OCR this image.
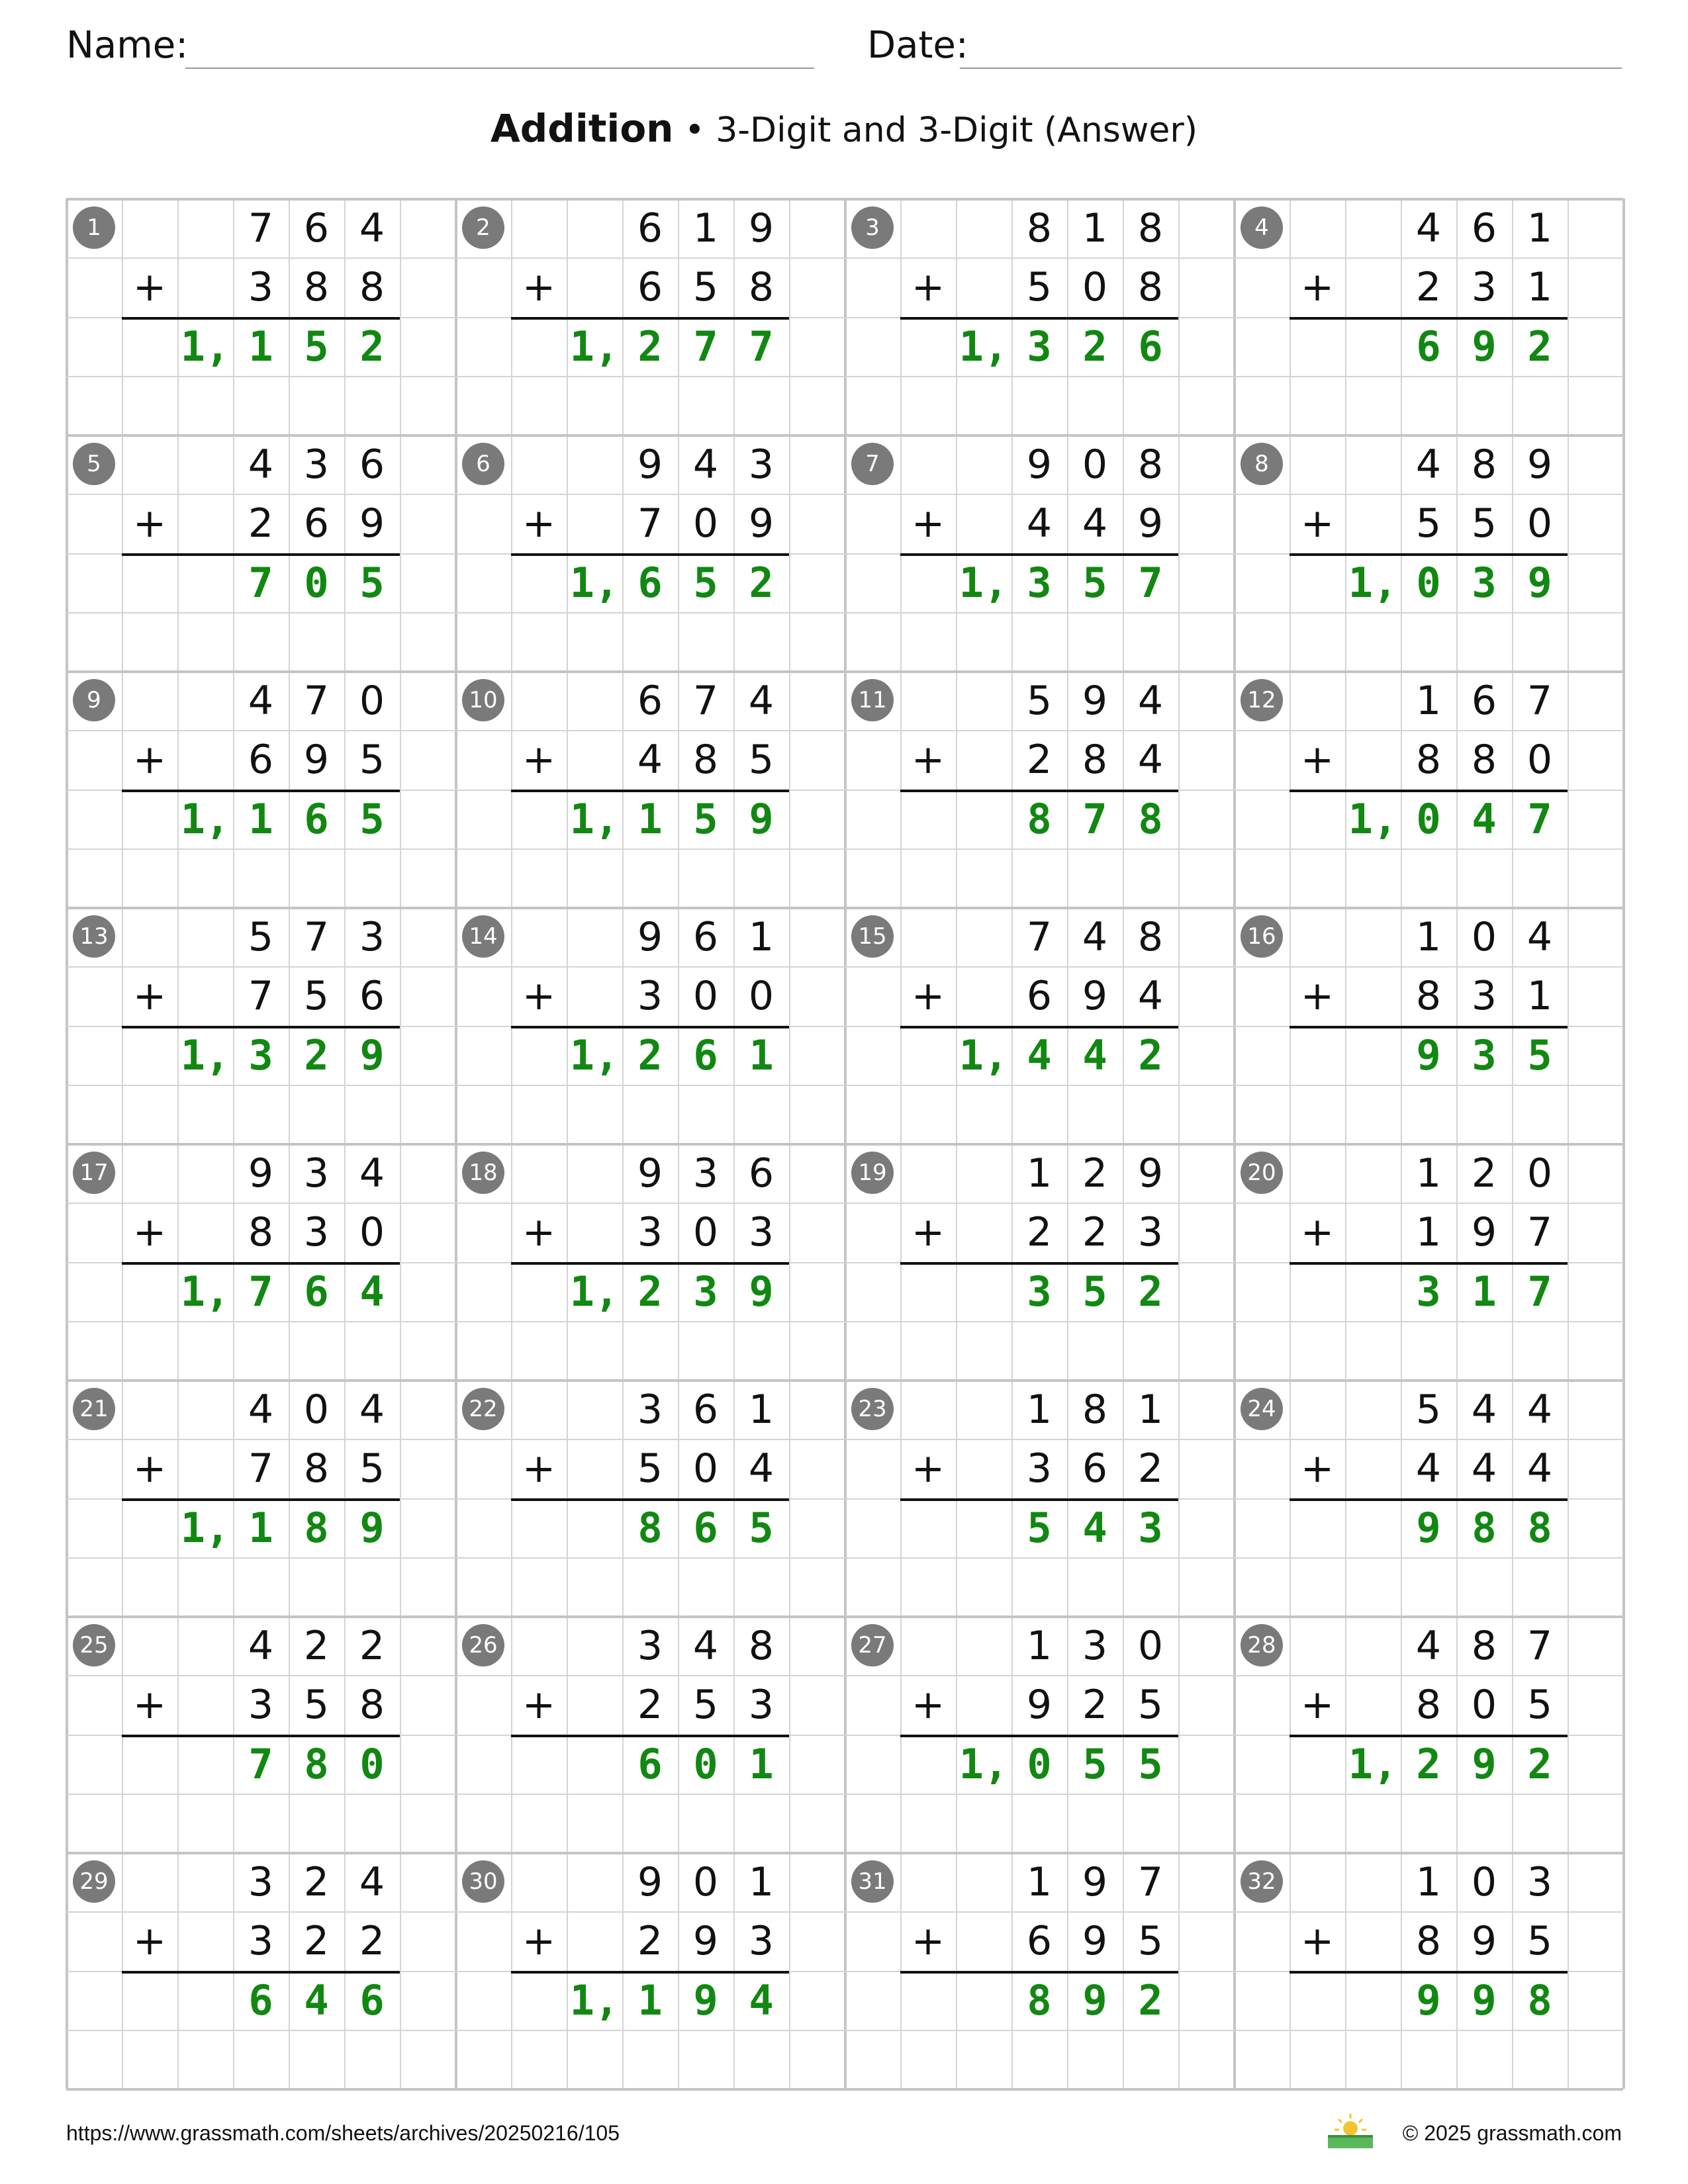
Name:	Date:
Addition • 3-Digit and 3-Digit (Answer)
1	7 6 4
+	3 8 8
1, 1 5 2
2	6 1 9
+	6 5 8
1, 2 7 7
3	8 1 8
+	5 0 8
1, 3 2 6
4	4 6 1
+	2 3 1
6 9 2
5	4 3 6
+	2 6 9
7 0 5
6	9 4 3
+	7 0 9
1, 6 5 2
7	9 0 8
+	4 4 9
1, 3 5 7
8	4 8 9
+	5 5 0
1, 0 3 9
9	4 7 0
+	6 9 5
1, 1 6 5
10	6 7 4
+	4 8 5
1, 1 5 9
11	5 9 4
+	2 8 4
8 7 8
12	1 6 7
+	8 8 0
1, 0 4 7
13	5 7 3
+	7 5 6
1, 3 2 9
14	9 6 1
+	3 0 0
1, 2 6 1
15	7 4 8
+	6 9 4
1, 4 4 2
16	1 0 4
+	8 3 1
9 3 5
17	9 3 4
+	8 3 0
1, 7 6 4
18	9 3 6
+	3 0 3
1, 2 3 9
19	1 2 9
+	2 2 3
3 5 2
20	1 2 0
+	1 9 7
3 1 7
21	4 0 4
+	7 8 5
1, 1 8 9
22	3 6 1
+	5 0 4
8 6 5
23	1 8 1
+	3 6 2
5 4 3
24	5 4 4
+	4 4 4
9 8 8
25	4 2 2
+	3 5 8
7 8 0
26	3 4 8
+	2 5 3
6 0 1
27	1 3 0
+	9 2 5
1, 0 5 5
28	4 8 7
+	8 0 5
1, 2 9 2
29	3 2 4
+	3 2 2
6 4 6
30	9 0 1
+	2 9 3
1, 1 9 4
31	1 9 7
+	6 9 5
8 9 2
32	1 0 3
+	8 9 5
9 9 8
https://www.grassmath.com/sheets/archives/20250216/105	© 2025 grassmath.com
